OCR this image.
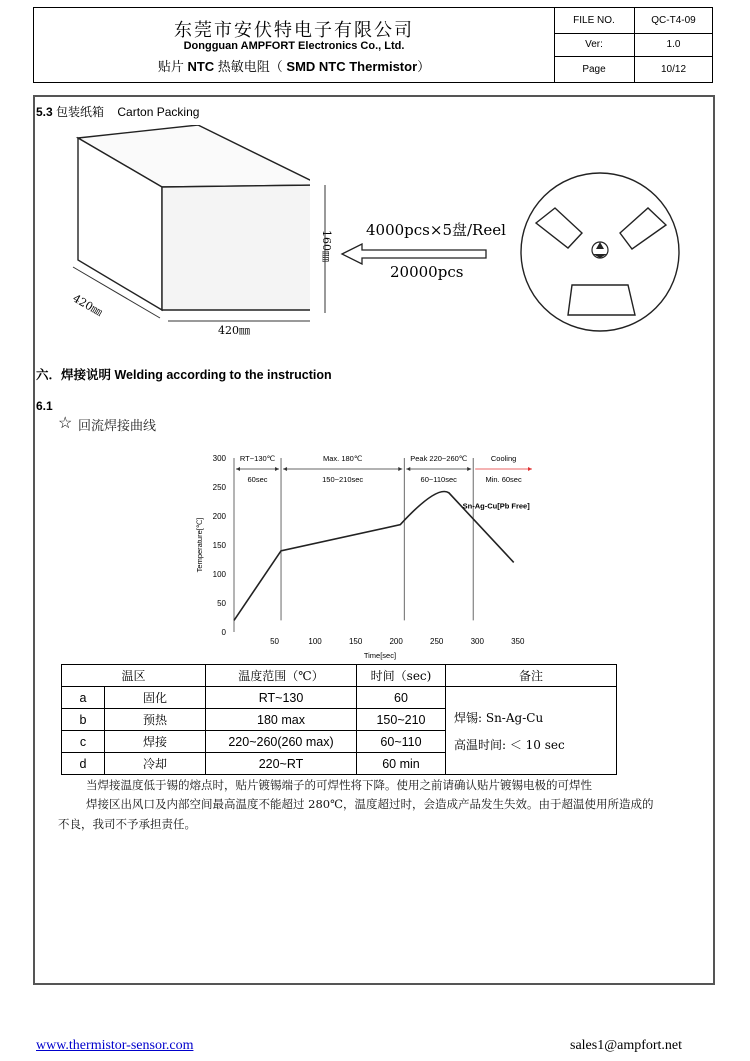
东莞市安伏特电子有限公司
Dongguan AMPFORT Electronics Co., Ltd.
贴片 NTC 热敏电阻（ SMD NTC Thermistor）
FILE NO.	QC-T4-09
Ver:	1.0
Page	10/12
5.3 包装纸箱 Carton Packing
420㎜
420㎜
160㎜ 4000pcs×5盘/Reel
20000pcs
六．焊接说明 Welding according to the instruction
6.1
☆ 回流焊接曲线
0
50
100
150
200
250
300
50	100	150	200	250	300	350
Temperature[℃]
Time[sec]
RT~130℃
60sec
Max. 180℃
150~210sec
Peak 220~260℃
60~110sec
Cooling
Min. 60sec
Sn-Ag-Cu[Pb Free]
温区		温度范围（℃）	时间（sec)	备注
a	固化	RT~130	60	焊锡: Sn-Ag-Cu
高温时间: ＜ 10 sec

b	预热	180 max	150~210	
c	焊接	220~260(260 max)	60~110	
d	冷却	220~RT	60 min	
当焊接温度低于锡的熔点时，贴片镀锡端子的可焊性将下降。使用之前请确认贴片镀锡电极的可焊性
焊接区出风口及内部空间最高温度不能超过 280℃，温度超过时，会造成产品发生失效。由于超温使用所造成的
不良，我司不予承担责任。
www.thermistor-sensor.com	sales1@ampfort.net
